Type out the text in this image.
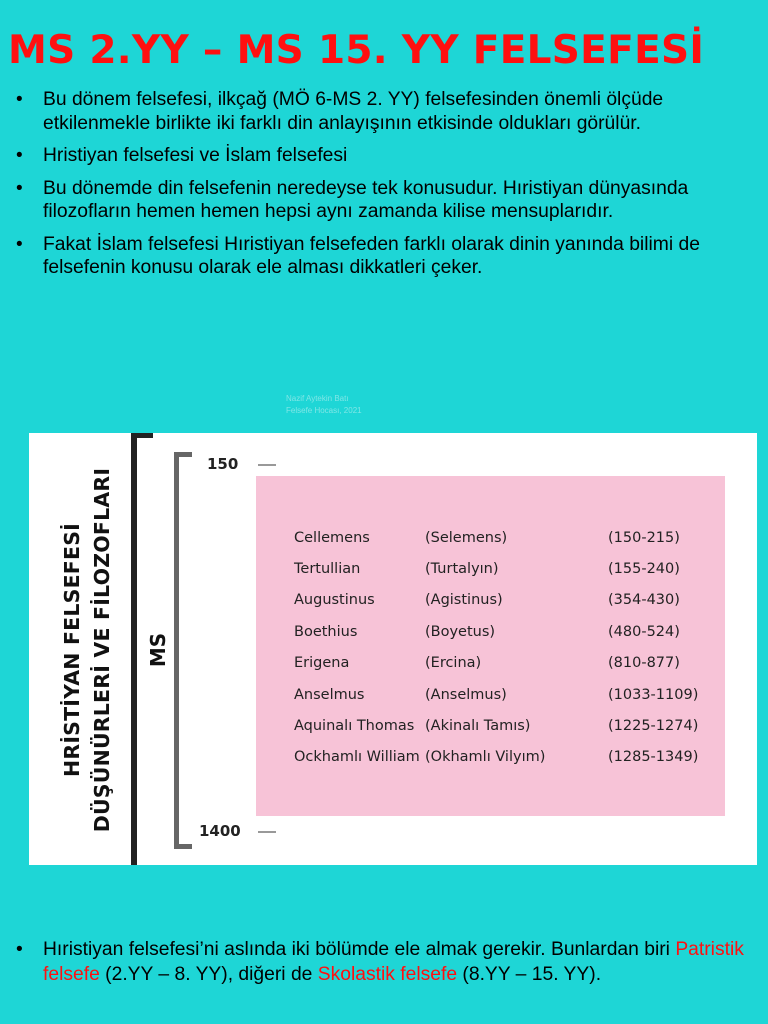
MS 2.YY – MS 15. YY FELSEFESİ
• Bu dönem felsefesi, ilkçağ (MÖ 6-MS 2. YY) felsefesinden önemli ölçüde etkilenmekle birlikte iki farklı din anlayışının etkisinde oldukları görülür.
• Hristiyan felsefesi ve İslam felsefesi
• Bu dönemde din felsefenin neredeyse tek konusudur. Hıristiyan dünyasında filozofların hemen hemen hepsi aynı zamanda kilise mensuplarıdır.
• Fakat İslam felsefesi Hıristiyan felsefeden farklı olarak dinin yanında bilimi de felsefenin konusu olarak ele alması dikkatleri çeker.
Nazif Aytekin Batı
Felsefe Hocası, 2021
HRİSTİYAN FELSEFESİ DÜŞÜNÜRLERİ VE FİLOZOFLARI MS
150
1400
Cellemens	(Selemens)	(150-215)
Tertullian	(Turtalyın)	(155-240)
Augustinus	(Agistinus)	(354-430)
Boethius	(Boyetus)	(480-524)
Erigena	(Ercina)	(810-877)
Anselmus	(Anselmus)	(1033-1109)
Aquinalı Thomas	(Akinalı Tamıs)	(1225-1274)
Ockhamlı William	(Okhamlı Vilyım)	(1285-1349)
• Hıristiyan felsefesi’ni aslında iki bölümde ele almak gerekir. Bunlardan biri Patristik felsefe (2.YY – 8. YY), diğeri de Skolastik felsefe (8.YY – 15. YY).
